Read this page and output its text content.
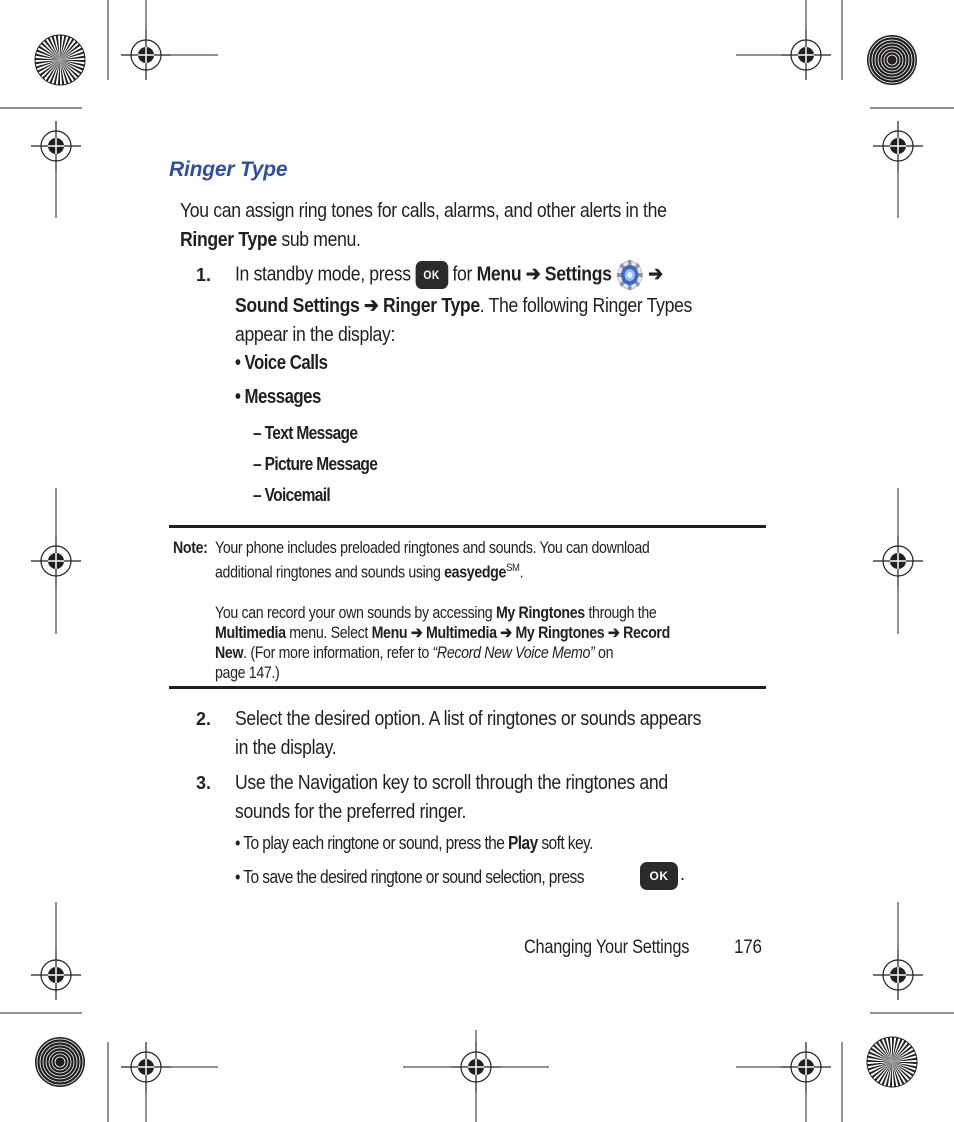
Ringer Type
You can assign ring tones for calls, alarms, and other alerts in the
Ringer Type sub menu.
1. In standby mode, press OK for Menu ➔ Settings ➔
Sound Settings ➔ Ringer Type. The following Ringer Types
appear in the display:
• Voice Calls
• Messages
– Text Message
– Picture Message
– Voicemail
Note: Your phone includes preloaded ringtones and sounds. You can download
additional ringtones and sounds using easyedge℠.
You can record your own sounds by accessing My Ringtones through the
Multimedia menu. Select Menu ➔ Multimedia ➔ My Ringtones ➔ Record
New. (For more information, refer to “Record New Voice Memo” on
page 147.)
2. Select the desired option. A list of ringtones or sounds appears
in the display.
3. Use the Navigation key to scroll through the ringtones and
sounds for the preferred ringer.
• To play each ringtone or sound, press the Play soft key.
• To save the desired ringtone or sound selection, press	OK .
Changing Your Settings 176
